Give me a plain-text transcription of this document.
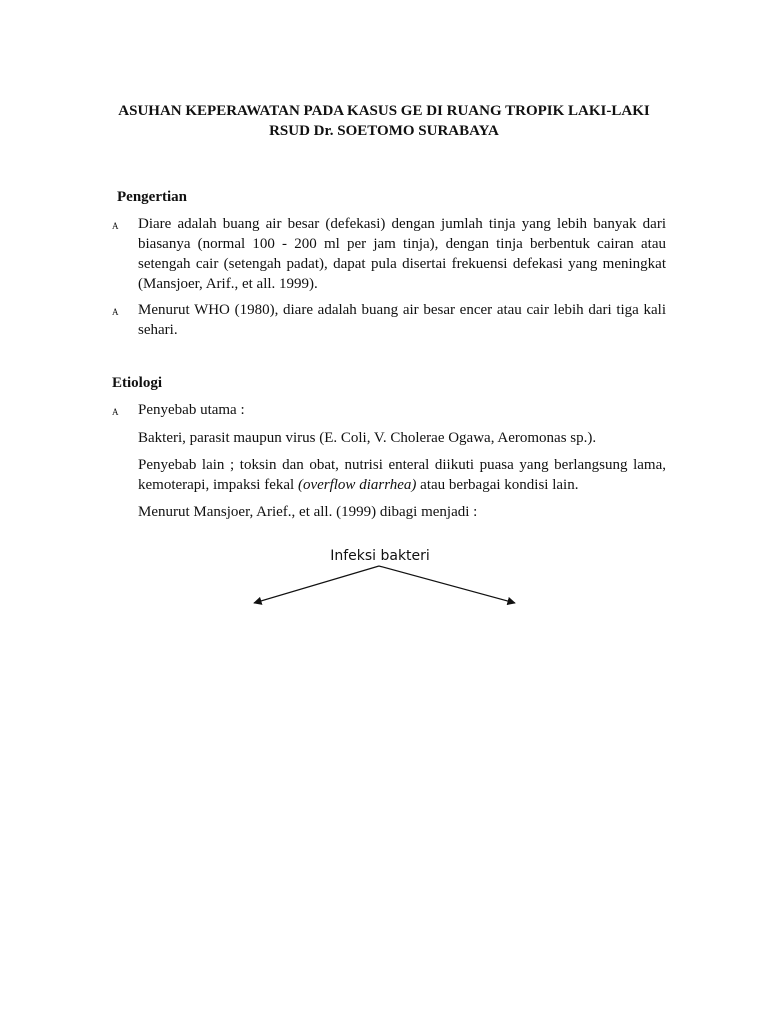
ASUHAN KEPERAWATAN PADA KASUS GE DI RUANG TROPIK LAKI-LAKI RSUD Dr. SOETOMO SURABAYA
Pengertian
A Diare adalah buang air besar (defekasi) dengan jumlah tinja yang lebih banyak dari biasanya (normal 100 - 200 ml per jam tinja), dengan tinja berbentuk cairan atau setengah cair (setengah padat), dapat pula disertai frekuensi defekasi yang meningkat (Mansjoer, Arif., et all. 1999).
A Menurut WHO (1980), diare adalah buang air besar encer atau cair lebih dari tiga kali sehari.
Etiologi
A Penyebab utama :
Bakteri, parasit maupun virus (E. Coli, V. Cholerae Ogawa, Aeromonas sp.).
Penyebab lain ; toksin dan obat, nutrisi enteral diikuti puasa yang berlangsung lama, kemoterapi, impaksi fekal (overflow diarrhea) atau berbagai kondisi lain.
Menurut Mansjoer, Arief., et all. (1999) dibagi menjadi :
Infeksi bakteri
